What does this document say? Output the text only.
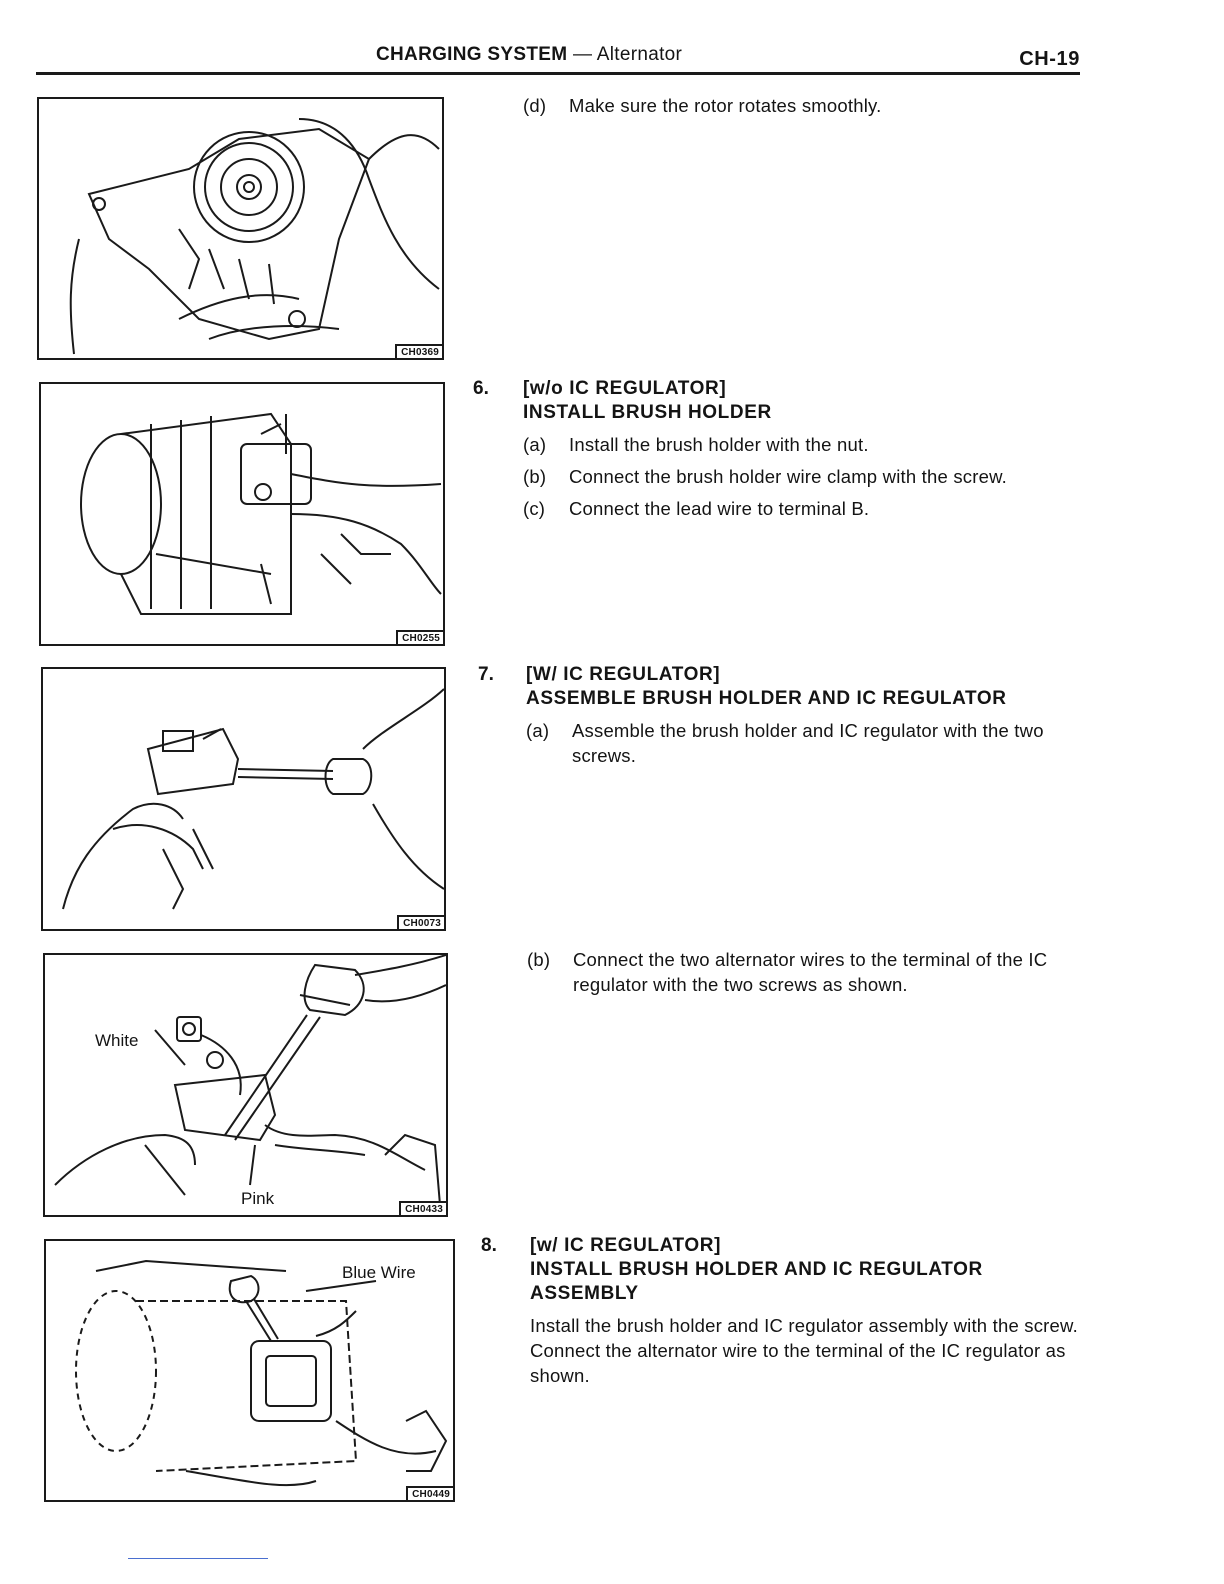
CHARGING SYSTEM — Alternator	CH-19
CH0369
CH0255
CH0073
White
Pink
CH0433
Blue Wire
CH0449
(d)	Make sure the rotor rotates smoothly.
6. [w/o IC REGULATOR]
INSTALL BRUSH HOLDER
(a)	Install the brush holder with the nut.
(b)	Connect the brush holder wire clamp with the screw.
(c)	Connect the lead wire to terminal B.
7. [W/ IC REGULATOR]
ASSEMBLE BRUSH HOLDER AND IC REGULATOR
(a)	Assemble the brush holder and IC regulator with the two screws.
(b)	Connect the two alternator wires to the terminal of the IC regulator with the two screws as shown.
8. [w/ IC REGULATOR]
INSTALL BRUSH HOLDER AND IC REGULATOR
ASSEMBLY
Install the brush holder and IC regulator assembly with the screw. Connect the alternator wire to the terminal of the IC regulator as shown.
